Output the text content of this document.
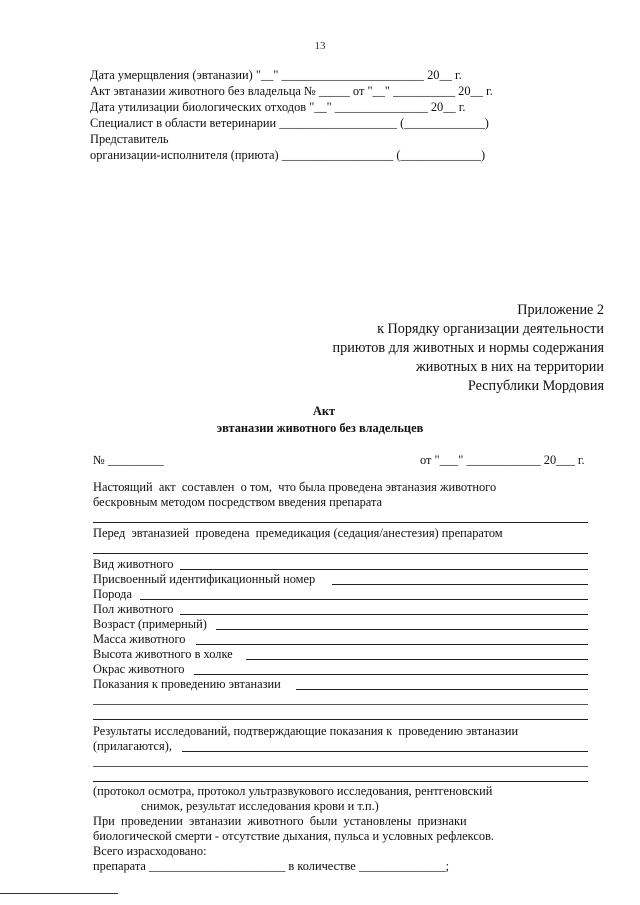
13
Дата умерщвления (эвтаназии) "__" _______________________ 20__ г.
Акт эвтаназии животного без владельца № _____ от "__" __________ 20__ г.
Дата утилизации биологических отходов "__" _______________ 20__ г.
Специалист в области ветеринарии ___________________ (_____________)
Представитель
организации-исполнителя (приюта) __________________ (_____________)
Приложение 2
к Порядку организации деятельности
приютов для животных и нормы содержания
животных в них на территории
Республики Мордовия
Акт
эвтаназии животного без владельцев
№ _________	от "___" ____________ 20___ г.
Настоящий  акт  составлен  о том,  что была проведена эвтаназия животного
бескровным методом посредством введения препарата
Перед  эвтаназией  проведена  премедикация (седация/анестезия) препаратом
Вид животного
Присвоенный идентификационный номер
Порода
Пол животного
Возраст (примерный)
Масса животного
Высота животного в холке
Окрас животного
Показания к проведению эвтаназии
Результаты исследований, подтверждающие показания к  проведению эвтаназии
(прилагаются),
(протокол осмотра, протокол ультразвукового исследования, рентгеновский
снимок, результат исследования крови и т.п.)
При  проведении  эвтаназии  животного  были  установлены  признаки
биологической смерти - отсутствие дыхания, пульса и условных рефлексов.
Всего израсходовано:
препарата ______________________ в количестве ______________;
